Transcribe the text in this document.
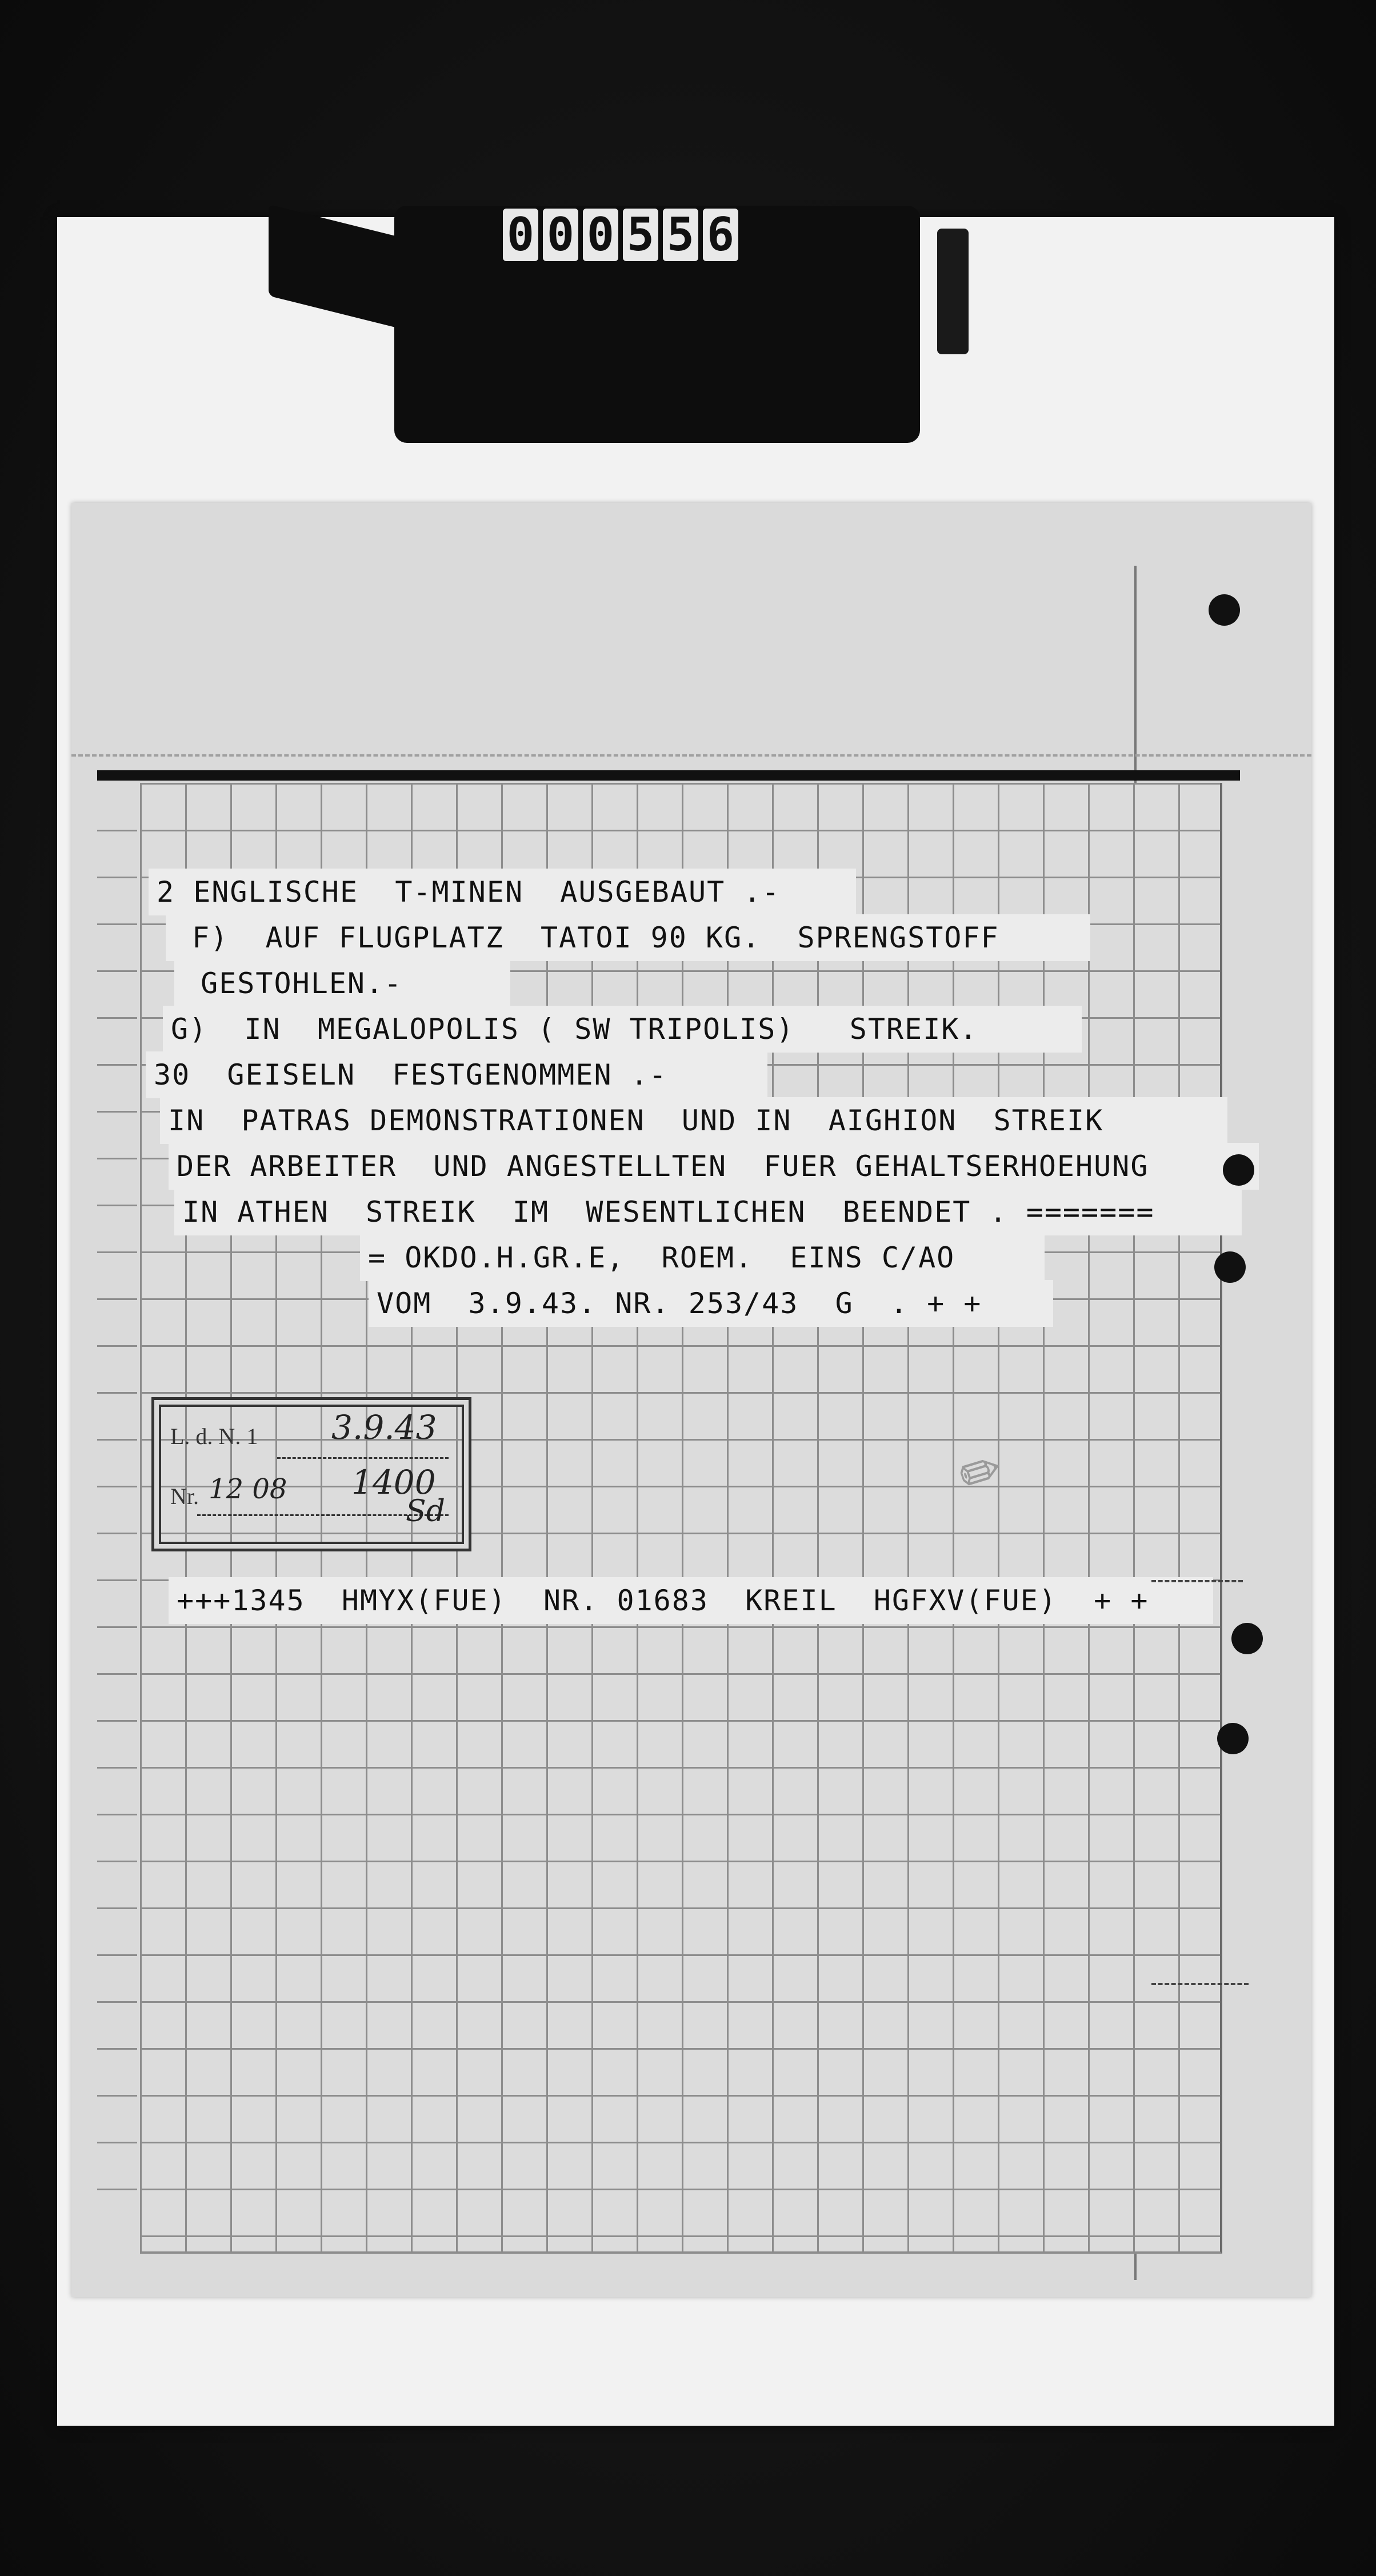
0 0 0 5 5 6
2 ENGLISCHE  T-MINEN  AUSGEBAUT .-
F)  AUF FLUGPLATZ  TATOI 90 KG.  SPRENGSTOFF
GESTOHLEN.-
G)  IN  MEGALOPOLIS ( SW TRIPOLIS)   STREIK.
30  GEISELN  FESTGENOMMEN .-
IN  PATRAS DEMONSTRATIONEN  UND IN  AIGHION  STREIK
DER ARBEITER  UND ANGESTELLTEN  FUER GEHALTSERHOEHUNG
IN ATHEN  STREIK  IM  WESENTLICHEN  BEENDET . =======
= OKDO.H.GR.E,  ROEM.  EINS C/AO
VOM  3.9.43. NR. 253/43  G  . + +
+++1345  HMYX(FUE)  NR. 01683  KREIL  HGFXV(FUE)  + +
L. d. N. 1 3.9.43
Nr. 12 08 1400
Sd
✎
